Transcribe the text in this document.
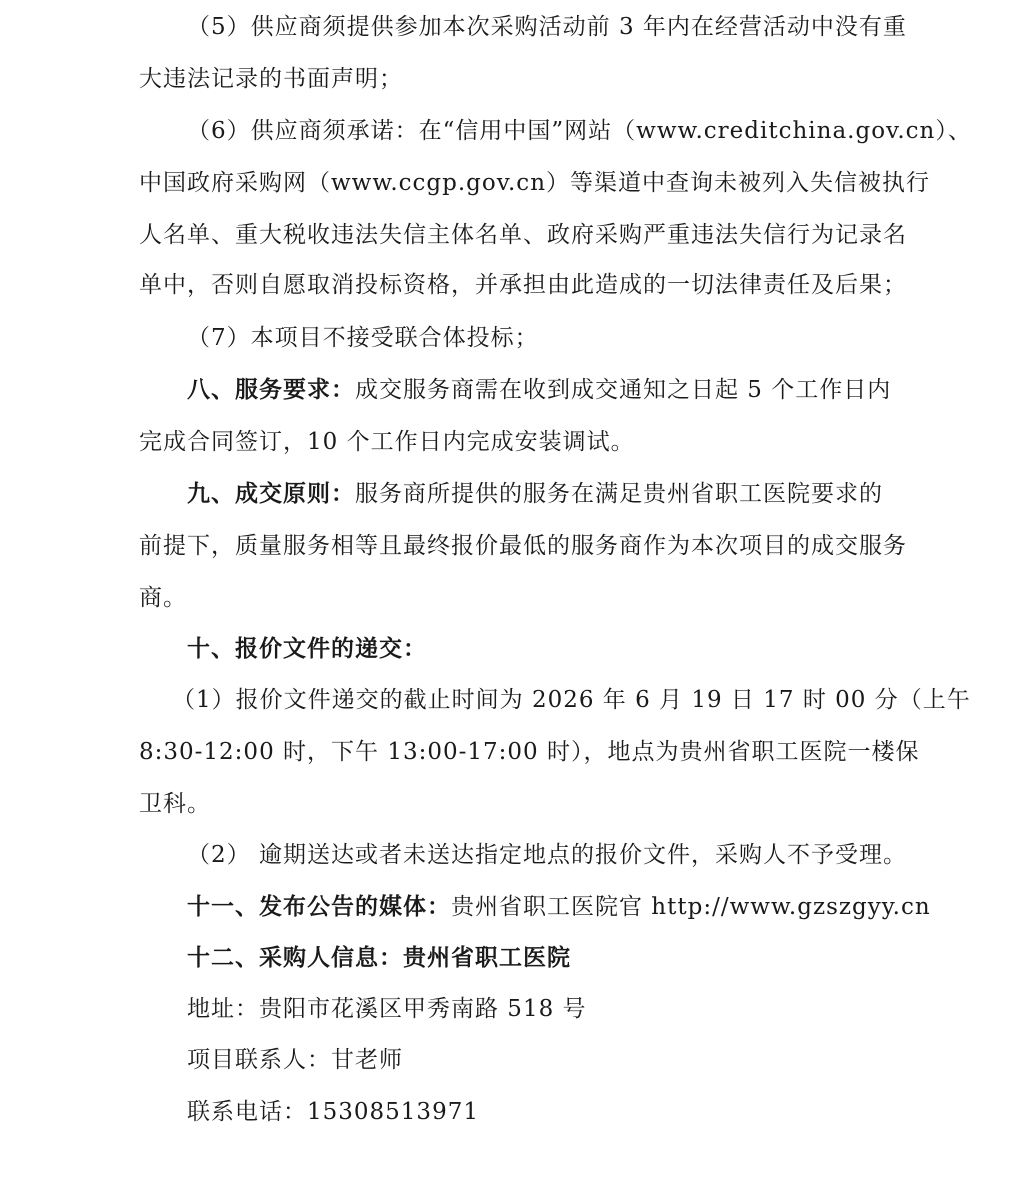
（5）供应商须提供参加本次采购活动前 3 年内在经营活动中没有重
大违法记录的书面声明；
（6）供应商须承诺：在“信用中国”网站（www.creditchina.gov.cn）、
中国政府采购网（www.ccgp.gov.cn）等渠道中查询未被列入失信被执行
人名单、重大税收违法失信主体名单、政府采购严重违法失信行为记录名
单中，否则自愿取消投标资格，并承担由此造成的一切法律责任及后果；
（7）本项目不接受联合体投标；
八、服务要求：成交服务商需在收到成交通知之日起 5 个工作日内
完成合同签订，10 个工作日内完成安装调试。
九、成交原则：服务商所提供的服务在满足贵州省职工医院要求的
前提下，质量服务相等且最终报价最低的服务商作为本次项目的成交服务
商。
十、报价文件的递交：
（1）报价文件递交的截止时间为 2026 年 6 月 19 日 17 时 00 分（上午
8:30-12:00 时，下午 13:00-17:00 时），地点为贵州省职工医院一楼保
卫科。
（2） 逾期送达或者未送达指定地点的报价文件，采购人不予受理。
十一、发布公告的媒体：贵州省职工医院官 http://www.gzszgyy.cn
十二、采购人信息：贵州省职工医院
地址：贵阳市花溪区甲秀南路 518 号
项目联系人：甘老师
联系电话：15308513971
